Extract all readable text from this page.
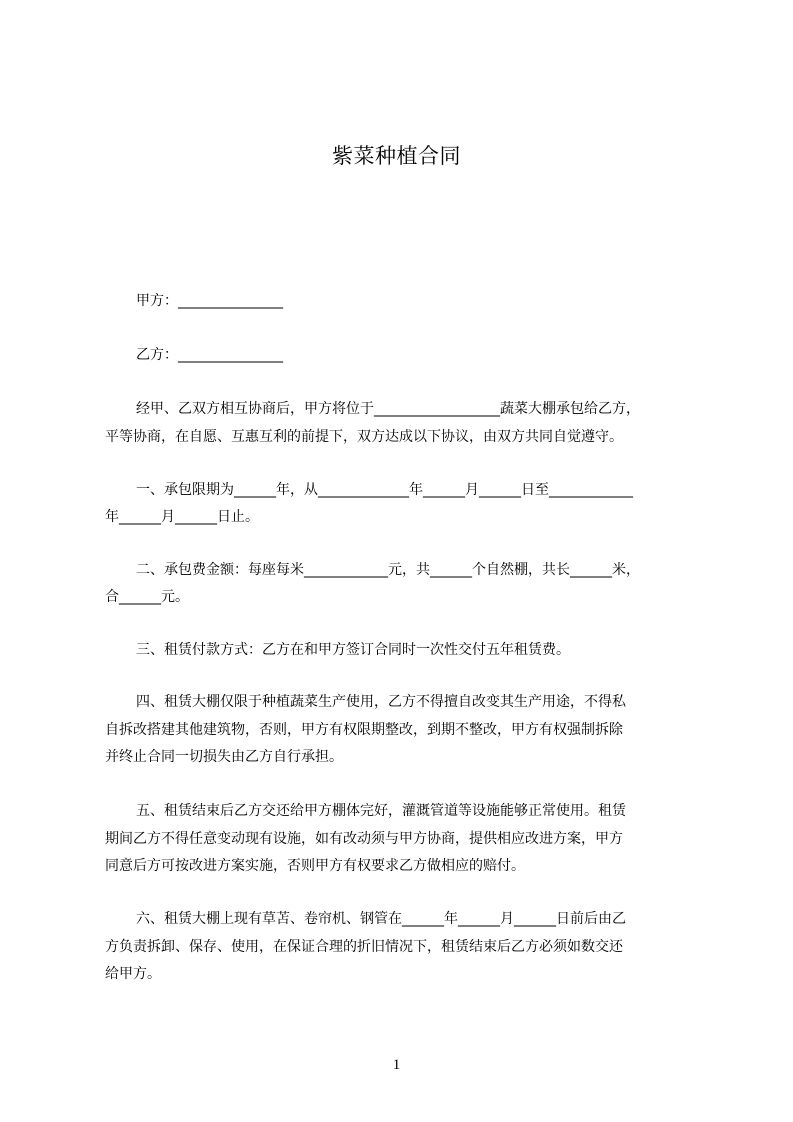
紫菜种植合同
甲方：_______________
乙方：_______________
经甲、乙双方相互协商后，甲方将位于__________________蔬菜大棚承包给乙方，
平等协商，在自愿、互惠互利的前提下，双方达成以下协议，由双方共同自觉遵守。
一、承包限期为______年，从_____________年______月______日至____________
年______月______日止。
二、承包费金额：每座每米____________元，共______个自然棚，共长______米，
合______元。
三、租赁付款方式：乙方在和甲方签订合同时一次性交付五年租赁费。
四、租赁大棚仅限于种植蔬菜生产使用，乙方不得擅自改变其生产用途，不得私
自拆改搭建其他建筑物，否则，甲方有权限期整改，到期不整改，甲方有权强制拆除
并终止合同一切损失由乙方自行承担。
五、租赁结束后乙方交还给甲方棚体完好，灌溉管道等设施能够正常使用。租赁
期间乙方不得任意变动现有设施，如有改动须与甲方协商，提供相应改进方案，甲方
同意后方可按改进方案实施，否则甲方有权要求乙方做相应的赔付。
六、租赁大棚上现有草苫、卷帘机、钢管在______年______月______日前后由乙
方负责拆卸、保存、使用，在保证合理的折旧情况下，租赁结束后乙方必须如数交还
给甲方。
1
